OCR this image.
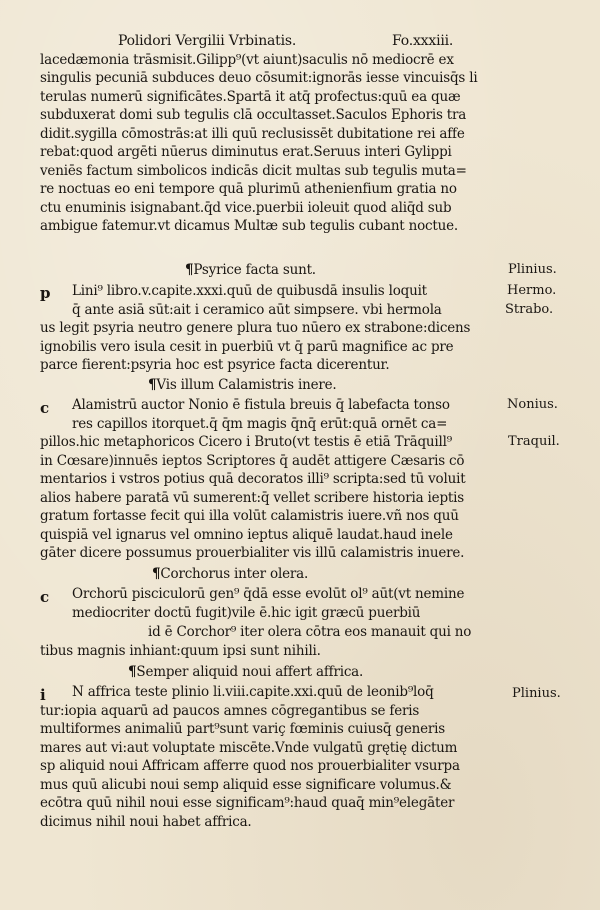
Polidori Vergilii Vrbinatis.	Fo.xxxiii.
lacedæmonia trāsmisit.Gilipp⁹(vt aiunt)saculis nō mediocrē ex
singulis pecuniā subduces deuo cōsumit:ignorās iesse vincuisq̄s li
terulas numerū significātes.Spartā it atq̄ profectus:quū ea quæ
subduxerat domi sub tegulis clā occultasset.Saculos Ephoris tra
didit.sygilla cōmostrās:at illi quū reclusissēt dubitatione rei affe
rebat:quod argēti nūerus diminutus erat.Seruus interi Gylippi
veniēs factum simbolicos indicās dicit multas sub tegulis muta=
re noctuas eo eni tempore quā plurimū athenienfium gratia no
ctu enuminis isignabant.q̄d vice.puerbii ioleuit quod aliq̄d sub
ambigue fatemur.vt dicamus Multæ sub tegulis cubant noctue.
¶Psyrice facta sunt.	Plinius.
p Lini⁹ libro.v.capite.xxxi.quū de quibusdā insulis loquit	Hermo.
q̄ ante asiā sūt:ait i ceramico aūt simpsere. vbi hermola	Strabo.
us legit psyria neutro genere plura tuo nūero ex strabone:dicens
ignobilis vero isula cesit in puerbiū vt q̄ parū magnifice ac pre
parce fierent:psyria hoc est psyrice facta dicerentur.
¶Vis illum Calamistris inere.
c Alamistrū auctor Nonio ē fistula breuis q̄ labefacta tonso	Nonius.
res capillos itorquet.q̄ q̄m magis q̄nq̄ erūt:quā ornēt ca=
pillos.hic metaphoricos Cicero i Bruto(vt testis ē etiā Trāquill⁹	Traquil.
in Cœsare)innuēs ieptos Scriptores q̄ audēt attigere Cæsaris cō
mentarios i vstros potius quā decoratos illi⁹ scripta:sed tū voluit
alios habere paratā vū sumerent:q̄ vellet scribere historia ieptis
gratum fortasse fecit qui illa volūt calamistris iuere.vñ nos quū
quispiā vel ignarus vel omnino ieptus aliquē laudat.haud inele
gāter dicere possumus prouerbialiter vis illū calamistris inuere.
¶Corchorus inter olera.
c Orchorū pisciculorū gen⁹ q̄dā esse evolūt ol⁹ aūt(vt nemine
mediocriter doctū fugit)vile ē.hic igit græcū puerbiū
id ē Corchor⁹ iter olera cōtra eos manauit qui no
tibus magnis inhiant:quum ipsi sunt nihili.
¶Semper aliquid noui affert affrica.
i N affrica teste plinio li.viii.capite.xxi.quū de leonib⁹loq̄	Plinius.
tur:iopia aquarū ad paucos amnes cōgregantibus se feris
multiformes animaliū part⁹sunt variç fœminis cuiusq̄ generis
mares aut vi:aut voluptate miscēte.Vnde vulgatū grętię dictum
sp aliquid noui Affricam afferre quod nos prouerbialiter vsurpa
mus quū alicubi noui semp aliquid esse significare volumus.&
ecōtra quū nihil noui esse significam⁹:haud quaq̄ min⁹elegāter
dicimus nihil noui habet affrica.
